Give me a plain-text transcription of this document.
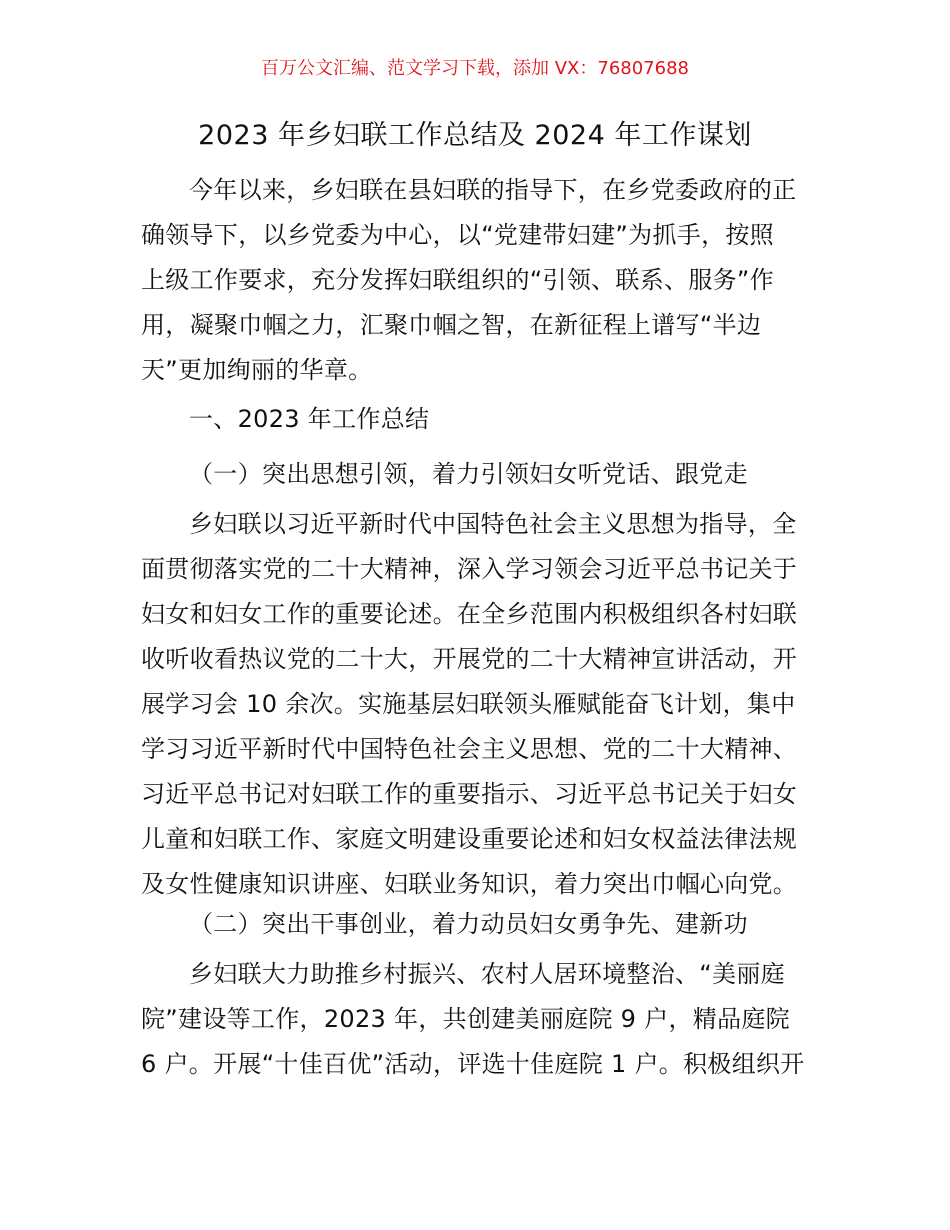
百万公文汇编、范文学习下载，添加 VX：76807688
2023 年乡妇联工作总结及 2024 年工作谋划
今年以来，乡妇联在县妇联的指导下，在乡党委政府的正
确领导下，以乡党委为中心，以“党建带妇建”为抓手，按照
上级工作要求，充分发挥妇联组织的“引领、联系、服务”作
用，凝聚巾帼之力，汇聚巾帼之智，在新征程上谱写“半边
天”更加绚丽的华章。
一、2023 年工作总结
（一）突出思想引领，着力引领妇女听党话、跟党走
乡妇联以习近平新时代中国特色社会主义思想为指导，全
面贯彻落实党的二十大精神，深入学习领会习近平总书记关于
妇女和妇女工作的重要论述。在全乡范围内积极组织各村妇联
收听收看热议党的二十大，开展党的二十大精神宣讲活动，开
展学习会 10 余次。实施基层妇联领头雁赋能奋飞计划，集中
学习习近平新时代中国特色社会主义思想、党的二十大精神、
习近平总书记对妇联工作的重要指示、习近平总书记关于妇女
儿童和妇联工作、家庭文明建设重要论述和妇女权益法律法规
及女性健康知识讲座、妇联业务知识，着力突出巾帼心向党。
（二）突出干事创业，着力动员妇女勇争先、建新功
乡妇联大力助推乡村振兴、农村人居环境整治、“美丽庭
院”建设等工作，2023 年，共创建美丽庭院 9 户，精品庭院
6 户。开展“十佳百优”活动，评选十佳庭院 1 户。积极组织开
